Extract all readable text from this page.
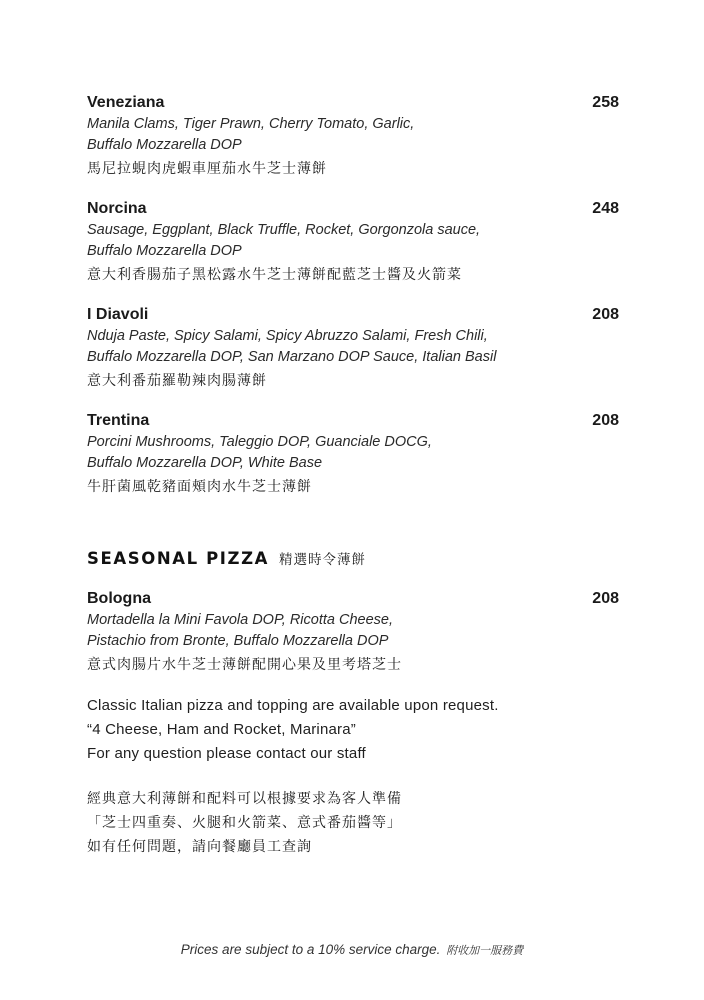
Veneziana	258
Manila Clams, Tiger Prawn, Cherry Tomato, Garlic,
Buffalo Mozzarella DOP
馬尼拉蜆肉虎蝦車厘茄水牛芝士薄餅
Norcina	248
Sausage, Eggplant, Black Truffle, Rocket, Gorgonzola sauce,
Buffalo Mozzarella DOP
意大利香腸茄子黑松露水牛芝士薄餅配藍芝士醬及火箭菜
I Diavoli	208
Nduja Paste, Spicy Salami, Spicy Abruzzo Salami, Fresh Chili,
Buffalo Mozzarella DOP, San Marzano DOP Sauce, Italian Basil
意大利番茄羅勒辣肉腸薄餅
Trentina	208
Porcini Mushrooms, Taleggio DOP, Guanciale DOCG,
Buffalo Mozzarella DOP, White Base
牛肝菌風乾豬面頰肉水牛芝士薄餅
SEASONAL PIZZA 精選時令薄餅
Bologna	208
Mortadella la Mini Favola DOP, Ricotta Cheese,
Pistachio from Bronte, Buffalo Mozzarella DOP
意式肉腸片水牛芝士薄餅配開心果及里考塔芝士
Classic Italian pizza and topping are available upon request.
“4 Cheese, Ham and Rocket, Marinara”
For any question please contact our staff
經典意大利薄餅和配料可以根據要求為客人準備
「芝士四重奏、火腿和火箭菜、意式番茄醬等」
如有任何問題，請向餐廳員工查詢
Prices are subject to a 10% service charge. 附收加一服務費
